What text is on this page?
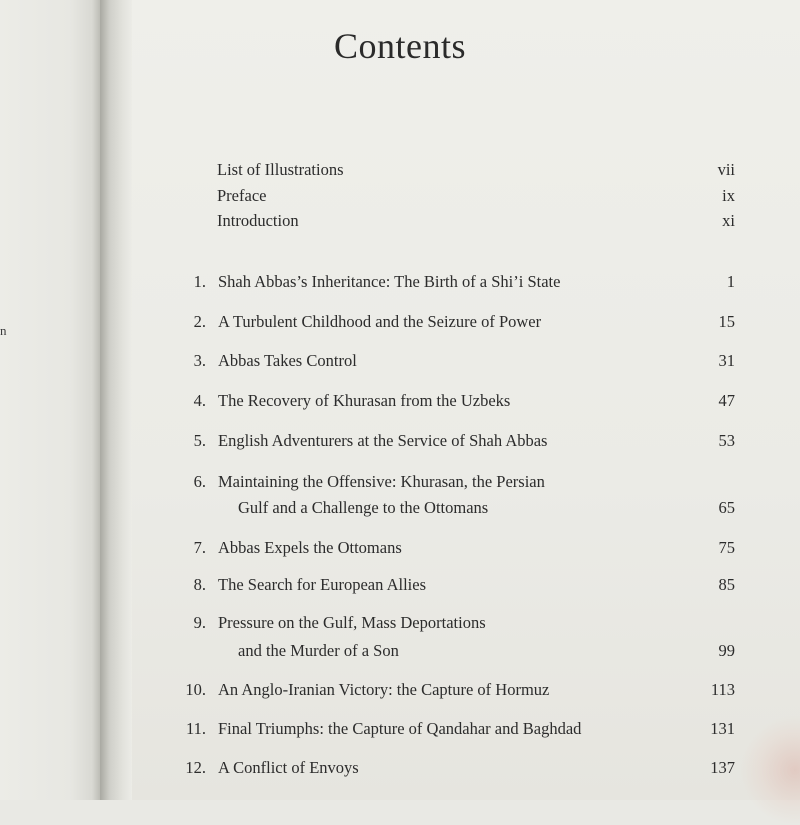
n
Contents
List of Illustrations	vii
Preface	ix
Introduction	xi
1. Shah Abbas’s Inheritance: The Birth of a Shi’i State	1
2. A Turbulent Childhood and the Seizure of Power	15
3. Abbas Takes Control	31
4. The Recovery of Khurasan from the Uzbeks	47
5. English Adventurers at the Service of Shah Abbas	53
6. Maintaining the Offensive: Khurasan, the Persian
Gulf and a Challenge to the Ottomans	65
7. Abbas Expels the Ottomans	75
8. The Search for European Allies	85
9. Pressure on the Gulf, Mass Deportations
and the Murder of a Son	99
10. An Anglo-Iranian Victory: the Capture of Hormuz	113
11. Final Triumphs: the Capture of Qandahar and Baghdad	131
12. A Conflict of Envoys	137
